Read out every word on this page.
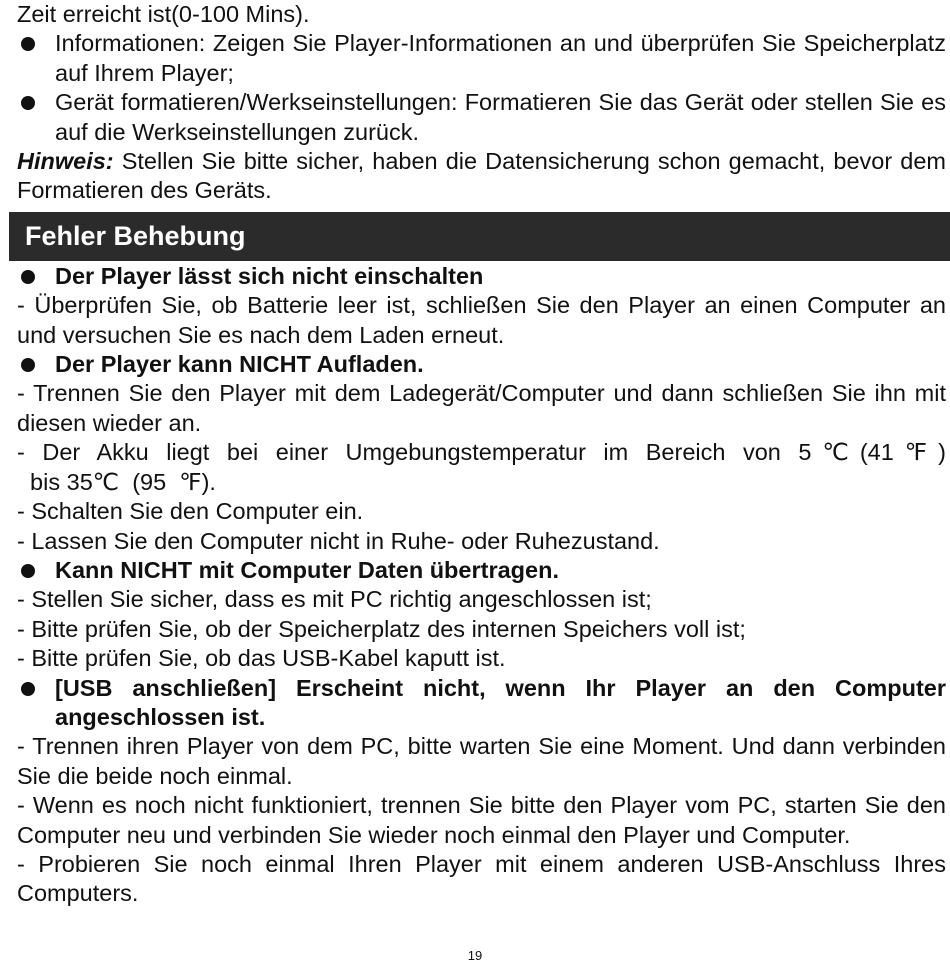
Zeit erreicht ist(0-100 Mins).

Informationen: Zeigen Sie Player-Informationen an und überprüfen Sie Speicherplatz auf Ihrem Player;

Gerät formatieren/Werkseinstellungen: Formatieren Sie das Gerät oder stellen Sie es auf die Werkseinstellungen zurück.

Hinweis: Stellen Sie bitte sicher, haben die Datensicherung schon gemacht, bevor dem Formatieren des Geräts.

Fehler Behebung

Der Player lässt sich nicht einschalten

- Überprüfen Sie, ob Batterie leer ist, schließen Sie den Player an einen Computer an und versuchen Sie es nach dem Laden erneut.

Der Player kann NICHT Aufladen.

- Trennen Sie den Player mit dem Ladegerät/Computer und dann schließen Sie ihn mit diesen wieder an.

- Der Akku liegt bei einer Umgebungstemperatur im Bereich von 5℃(41℉)

bis 35℃  (95  ℉).

- Schalten Sie den Computer ein.

- Lassen Sie den Computer nicht in Ruhe- oder Ruhezustand.

Kann NICHT mit Computer Daten übertragen.

- Stellen Sie sicher, dass es mit PC richtig angeschlossen ist;

- Bitte prüfen Sie, ob der Speicherplatz des internen Speichers voll ist;

- Bitte prüfen Sie, ob das USB-Kabel kaputt ist.

[USB anschließen] Erscheint nicht, wenn Ihr Player an den Computer angeschlossen ist.

- Trennen ihren Player von dem PC, bitte warten Sie eine Moment. Und dann verbinden Sie die beide noch einmal.

- Wenn es noch nicht funktioniert, trennen Sie bitte den Player vom PC, starten Sie den Computer neu und verbinden Sie wieder noch einmal den Player und Computer.

- Probieren Sie noch einmal Ihren Player mit einem anderen USB-Anschluss Ihres Computers.

19
